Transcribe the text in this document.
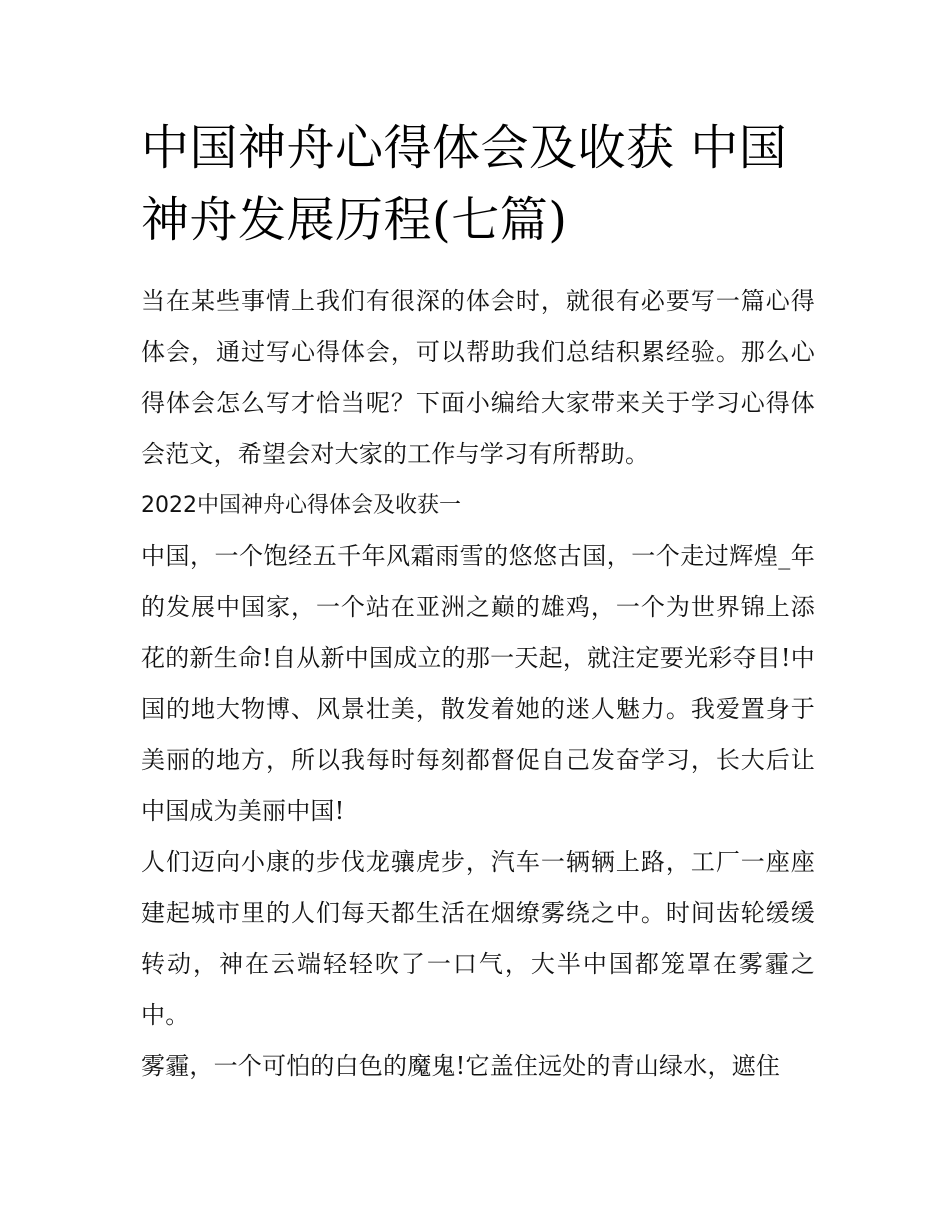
中国神舟心得体会及收获 中国神舟发展历程(七篇)

当在某些事情上我们有很深的体会时，就很有必要写一篇心得体会，通过写心得体会，可以帮助我们总结积累经验。那么心得体会怎么写才恰当呢？下面小编给大家带来关于学习心得体会范文，希望会对大家的工作与学习有所帮助。

2022中国神舟心得体会及收获一

中国，一个饱经五千年风霜雨雪的悠悠古国，一个走过辉煌_年的发展中国家，一个站在亚洲之巅的雄鸡，一个为世界锦上添花的新生命!自从新中国成立的那一天起，就注定要光彩夺目!中国的地大物博、风景壮美，散发着她的迷人魅力。我爱置身于美丽的地方，所以我每时每刻都督促自己发奋学习，长大后让中国成为美丽中国!

人们迈向小康的步伐龙骧虎步，汽车一辆辆上路，工厂一座座建起城市里的人们每天都生活在烟缭雾绕之中。时间齿轮缓缓转动，神在云端轻轻吹了一口气，大半中国都笼罩在雾霾之中。

雾霾，一个可怕的白色的魔鬼!它盖住远处的青山绿水，遮住
